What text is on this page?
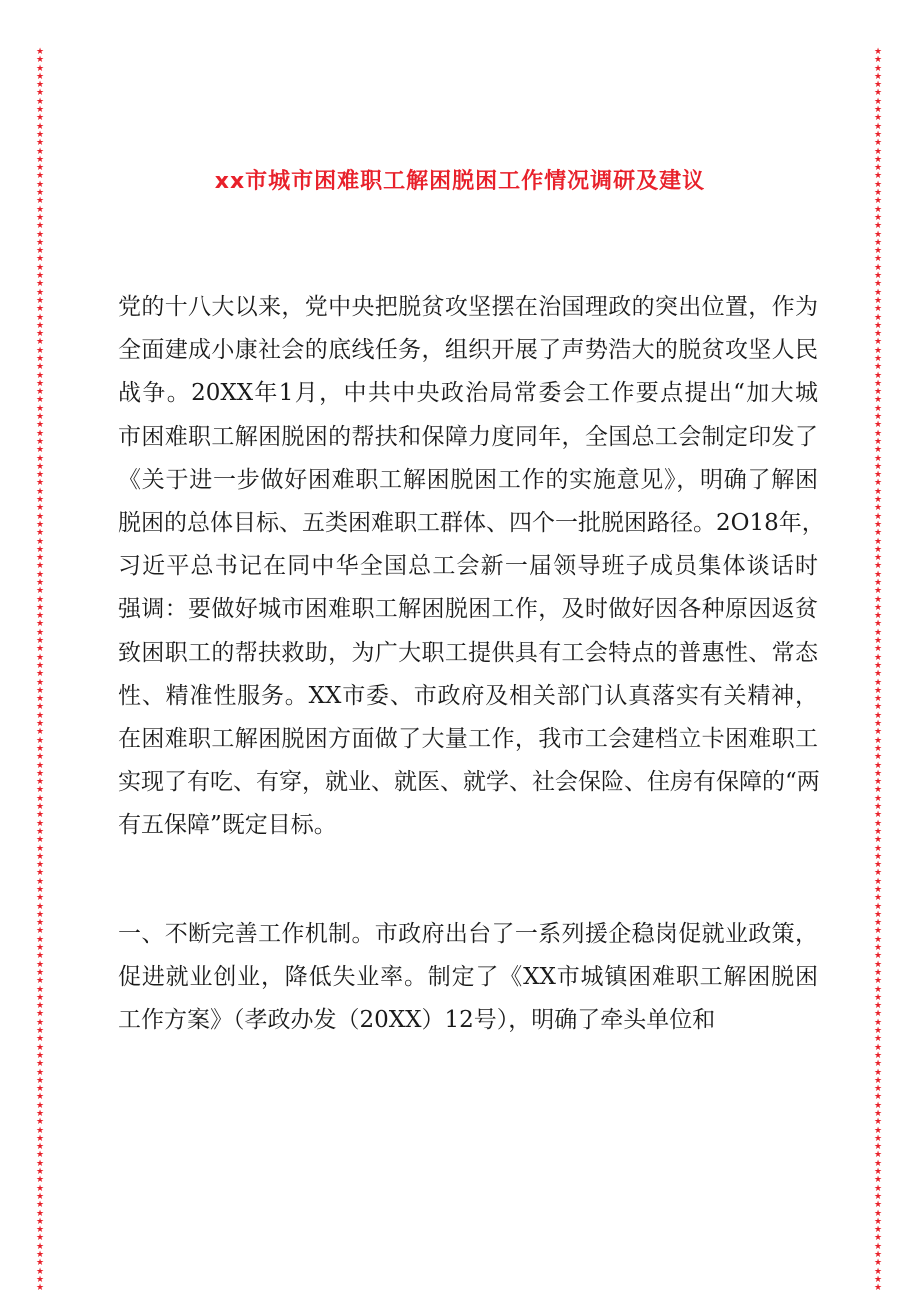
★★★★★★★★★★★★★★★★★★★★★★★★★★★★★★★★★★★★★★★★★★★★★★★★★★★★★★★★★★★★★★★★★★★★★★★★★★★★★★★★★★★★★★★★★★★★★★★★★★★★★★★★★★★★★★★★★★★★★★★★★★★★★★★★★★★★★★★★★★★★★★★★★★★★★★
★★★★★★★★★★★★★★★★★★★★★★★★★★★★★★★★★★★★★★★★★★★★★★★★★★★★★★★★★★★★★★★★★★★★★★★★★★★★★★★★★★★★★★★★★★★★★★★★★★★★★★★★★★★★★★★★★★★★★★★★★★★★★★★★★★★★★★★★★★★★★★★★★★★★★★
xx市城市困难职工解困脱困工作情况调研及建议

党的十八大以来，党中央把脱贫攻坚摆在治国理政的突出位置，作为
全面建成小康社会的底线任务，组织开展了声势浩大的脱贫攻坚人民
战争。20XX年1月，中共中央政治局常委会工作要点提出“加大城
市困难职工解困脱困的帮扶和保障力度同年，全国总工会制定印发了
《关于进一步做好困难职工解困脱困工作的实施意见》，明确了解困
脱困的总体目标、五类困难职工群体、四个一批脱困路径。2O18年，
习近平总书记在同中华全国总工会新一届领导班子成员集体谈话时
强调：要做好城市困难职工解困脱困工作，及时做好因各种原因返贫
致困职工的帮扶救助，为广大职工提供具有工会特点的普惠性、常态
性、精准性服务。XX市委、市政府及相关部门认真落实有关精神，
在困难职工解困脱困方面做了大量工作，我市工会建档立卡困难职工
实现了有吃、有穿，就业、就医、就学、社会保险、住房有保障的“两
有五保障”既定目标。

一、不断完善工作机制。市政府出台了一系列援企稳岗促就业政策，
促进就业创业，降低失业率。制定了《XX市城镇困难职工解困脱困
工作方案》（孝政办发（20XX）12号），明确了牵头单位和
